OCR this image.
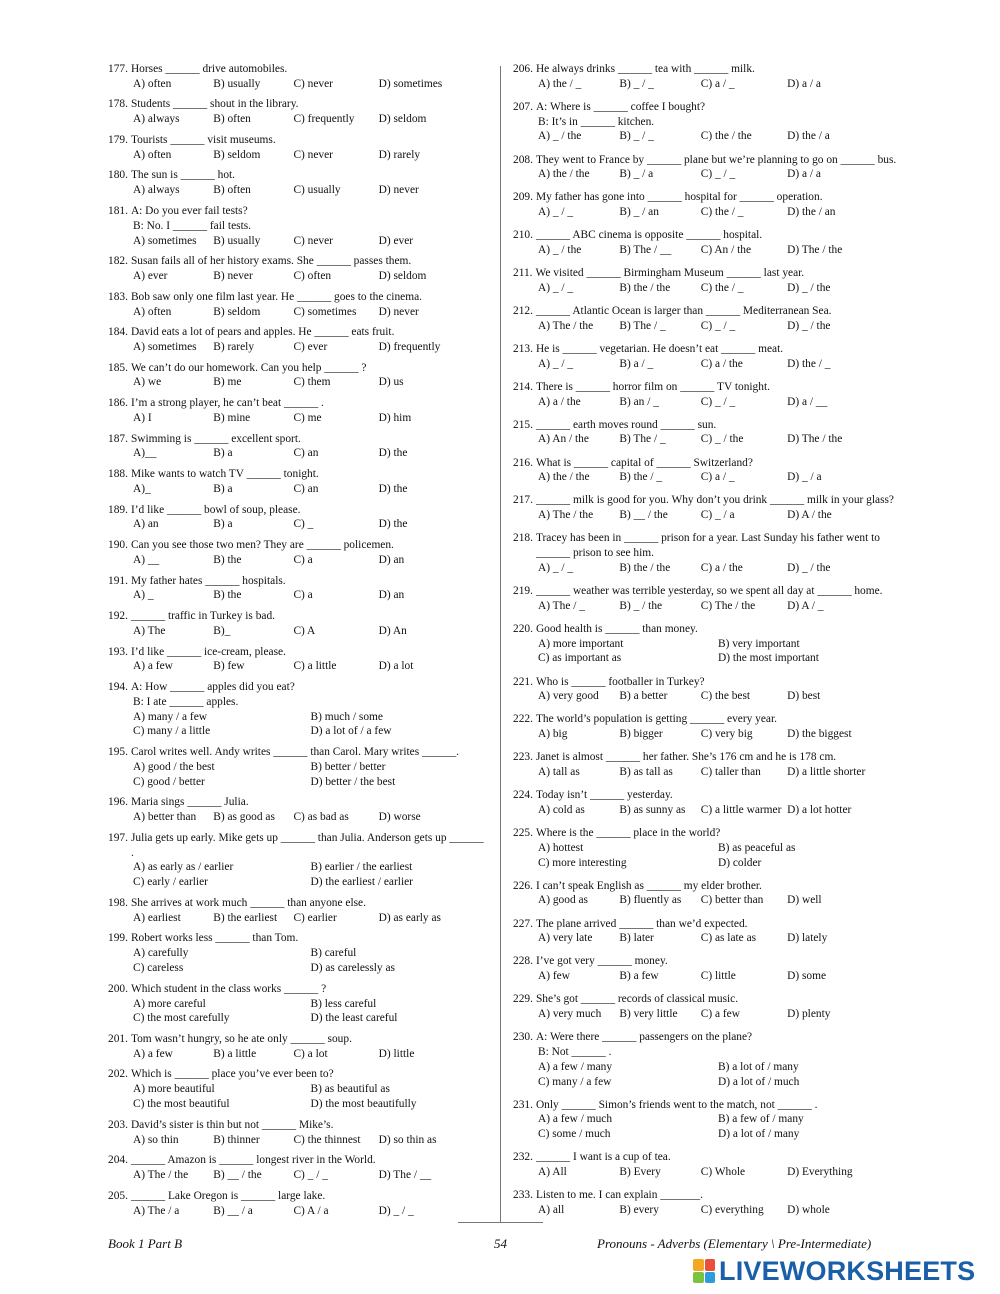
177. Horses ______ drive automobiles.
A) often	B) usually	C) never	D) sometimes
178. Students ______ shout in the library.
A) always	B) often	C) frequently	D) seldom
179. Tourists ______ visit museums.
A) often	B) seldom	C) never	D) rarely
180. The sun is ______ hot.
A) always	B) often	C) usually	D) never
181. A: Do you ever fail tests?
B: No. I ______ fail tests.
A) sometimes	B) usually	C) never	D) ever
182. Susan fails all of her history exams. She ______ passes them.
A) ever	B) never	C) often	D) seldom
183. Bob saw only one film last year. He ______ goes to the cinema.
A) often	B) seldom	C) sometimes	D) never
184. David eats a lot of pears and apples. He ______ eats fruit.
A) sometimes	B) rarely	C) ever	D) frequently
185. We can’t do our homework. Can you help ______ ?
A) we	B) me	C) them	D) us
186. I’m a strong player, he can’t beat ______ .
A) I	B) mine	C) me	D) him
187. Swimming is ______ excellent sport.
A)__	B) a	C) an	D) the
188. Mike wants to watch TV ______ tonight.
A)_	B) a	C) an	D) the
189. I’d like ______ bowl of soup, please.
A) an	B) a	C) _	D) the
190. Can you see those two men? They are ______ policemen.
A) __	B) the	C) a	D) an
191. My father hates ______ hospitals.
A) _	B) the	C) a	D) an
192. ______ traffic in Turkey is bad.
A) The	B)_	C) A	D) An
193. I’d like ______ ice-cream, please.
A) a few	B) few	C) a little	D) a lot
194. A: How ______ apples did you eat?
B: I ate ______ apples.
A) many / a few	B) much / some
C) many / a little	D) a lot of / a few
195. Carol writes well. Andy writes ______ than Carol. Mary writes ______.
A) good / the best	B) better / better
C) good / better	D) better / the best
196. Maria sings ______ Julia.
A) better than	B) as good as	C) as bad as	D) worse
197. Julia gets up early. Mike gets up ______ than Julia. Anderson gets up ______ .
A) as early as / earlier	B) earlier / the earliest
C) early / earlier	D) the earliest / earlier
198. She arrives at work much ______ than anyone else.
A) earliest	B) the earliest	C) earlier	D) as early as
199. Robert works less ______ than Tom.
A) carefully	B) careful
C) careless	D) as carelessly as
200. Which student in the class works ______ ?
A) more careful	B) less careful
C) the most carefully	D) the least careful
201. Tom wasn’t hungry, so he ate only ______ soup.
A) a few	B) a little	C) a lot	D) little
202. Which is ______ place you’ve ever been to?
A) more beautiful	B) as beautiful as
C) the most beautiful	D) the most beautifully
203. David’s sister is thin but not ______ Mike’s.
A) so thin	B) thinner	C) the thinnest	D) so thin as
204. ______ Amazon is ______ longest river in the World.
A) The / the	B) __ / the	C) _ / _	D) The / __
205. ______ Lake Oregon is ______ large lake.
A) The / a	B) __ / a	C) A / a	D) _ / _
206. He always drinks ______ tea with ______ milk.
A) the / _	B) _ / _	C) a / _	D) a / a
207. A: Where is ______ coffee I bought?
B: It’s in ______ kitchen.
A) _ / the	B) _ / _	C) the / the	D) the / a
208. They went to France by ______ plane but we’re planning to go on ______ bus.
A) the / the	B) _ / a	C) _ / _	D) a / a
209. My father has gone into ______ hospital for ______ operation.
A) _ / _	B) _ / an	C) the / _	D) the / an
210. ______ ABC cinema is opposite ______ hospital.
A) _ / the	B) The / __	C) An / the	D) The / the
211. We visited ______ Birmingham Museum ______ last year.
A) _ / _	B) the / the	C) the / _	D) _ / the
212. ______ Atlantic Ocean is larger than ______ Mediterranean Sea.
A) The / the	B) The / _	C) _ / _	D) _ / the
213. He is ______ vegetarian. He doesn’t eat ______ meat.
A) _ / _	B) a / _	C) a / the	D) the / _
214. There is ______ horror film on ______ TV tonight.
A) a / the	B) an / _	C) _ / _	D) a / __
215. ______ earth moves round ______ sun.
A) An / the	B) The / _	C) _ / the	D) The / the
216. What is ______ capital of ______ Switzerland?
A) the / the	B) the / _	C) a / _	D) _ / a
217. ______ milk is good for you. Why don’t you drink ______ milk in your glass?
A) The / the	B) __ / the	C) _ / a	D) A / the
218. Tracey has been in ______ prison for a year. Last Sunday his father went to ______ prison to see him.
A) _ / _	B) the / the	C) a / the	D) _ / the
219. ______ weather was terrible yesterday, so we spent all day at ______ home.
A) The / _	B) _ / the	C) The / the	D) A / _
220. Good health is ______ than money.
A) more important	B) very important
C) as important as	D) the most important
221. Who is ______ footballer in Turkey?
A) very good	B) a better	C) the best	D) best
222. The world’s population is getting ______ every year.
A) big	B) bigger	C) very big	D) the biggest
223. Janet is almost ______ her father. She’s 176 cm and he is 178 cm.
A) tall as	B) as tall as	C) taller than	D) a little shorter
224. Today isn’t ______ yesterday.
A) cold as	B) as sunny as	C) a little warmer D) a lot hotter
225. Where is the ______ place in the world?
A) hottest	B) as peaceful as
C) more interesting	D) colder
226. I can’t speak English as ______ my elder brother.
A) good as	B) fluently as	C) better than	D) well
227. The plane arrived ______ than we’d expected.
A) very late	B) later	C) as late as	D) lately
228. I’ve got very ______ money.
A) few	B) a few	C) little	D) some
229. She’s got ______ records of classical music.
A) very much	B) very little	C) a few	D) plenty
230. A: Were there ______ passengers on the plane?
B: Not ______ .
A) a few / many	B) a lot of / many
C) many / a few	D) a lot of / much
231. Only ______ Simon’s friends went to the match, not ______ .
A) a few / much	B) a few of / many
C) some / much	D) a lot of / many
232. ______ I want is a cup of tea.
A) All	B) Every	C) Whole	D) Everything
233. Listen to me. I can explain _______.
A) all	B) every	C) everything	D) whole
Book 1 Part B	54	Pronouns - Adverbs (Elementary \ Pre-Intermediate)
LIVEWORKSHEETS
